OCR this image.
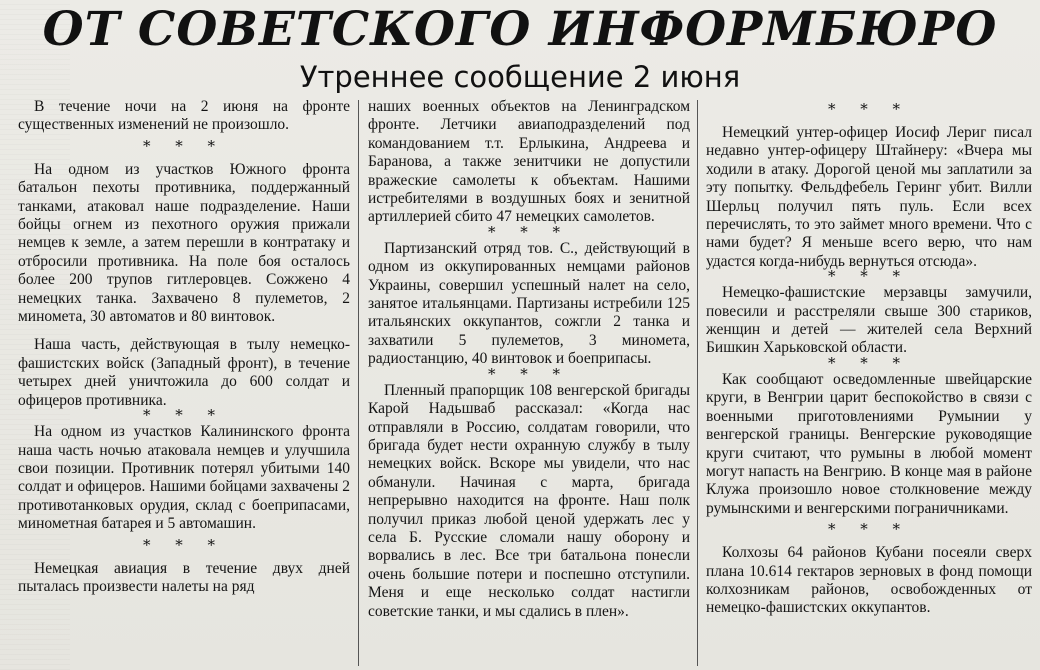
ОТ СОВЕТСКОГО ИНФОРМБЮРО
Утреннее сообщение 2 июня

В течение ночи на 2 июня на фронте существенных изменений не произошло.

* * *

На одном из участков Южного фронта батальон пехоты противника, поддержанный танками, атаковал наше подразделение. Наши бойцы огнем из пехотного оружия прижали немцев к земле, а затем перешли в контратаку и отбросили противника. На поле боя осталось более 200 трупов гитлеровцев. Сожжено 4 немецких танка. Захвачено 8 пулеметов, 2 миномета, 30 автоматов и 80 винтовок.

Наша часть, действующая в тылу немецко-фашистских войск (Западный фронт), в течение четырех дней уничтожила до 600 солдат и офицеров противника.

* * *

На одном из участков Калининского фронта наша часть ночью атаковала немцев и улучшила свои позиции. Противник потерял убитыми 140 солдат и офицеров. Нашими бойцами захвачены 2 противотанковых орудия, склад с боеприпасами, минометная батарея и 5 автомашин.

* * *

Немецкая авиация в течение двух дней пыталась произвести налеты на ряд

наших военных объектов на Ленинградском фронте. Летчики авиаподразделений под командованием т.т. Ерлыкина, Андреева и Баранова, а также зенитчики не допустили вражеские самолеты к объектам. Нашими истребителями в воздушных боях и зенитной артиллерией сбито 47 немецких самолетов.

* * *

Партизанский отряд тов. С., действующий в одном из оккупированных немцами районов Украины, совершил успешный налет на село, занятое итальянцами. Партизаны истребили 125 итальянских оккупантов, сожгли 2 танка и захватили 5 пулеметов, 3 миномета, радиостанцию, 40 винтовок и боеприпасы.

* * *

Пленный прапорщик 108 венгерской бригады Карой Надьшваб рассказал: «Когда нас отправляли в Россию, солдатам говорили, что бригада будет нести охранную службу в тылу немецких войск. Вскоре мы увидели, что нас обманули. Начиная с марта, бригада непрерывно находится на фронте. Наш полк получил приказ любой ценой удержать лес у села Б. Русские сломали нашу оборону и ворвались в лес. Все три батальона понесли очень большие потери и поспешно отступили. Меня и еще несколько солдат настигли советские танки, и мы сдались в плен».

* * *

Немецкий унтер-офицер Иосиф Лериг писал недавно унтер-офицеру Штайнеру: «Вчера мы ходили в атаку. Дорогой ценой мы заплатили за эту попытку. Фельдфебель Геринг убит. Вилли Шерльц получил пять пуль. Если всех перечислять, то это займет много времени. Что с нами будет? Я меньше всего верю, что нам удастся когда-нибудь вернуться отсюда».

* * *

Немецко-фашистские мерзавцы замучили, повесили и расстреляли свыше 300 стариков, женщин и детей — жителей села Верхний Бишкин Харьковской области.

* * *

Как сообщают осведомленные швейцарские круги, в Венгрии царит беспокойство в связи с военными приготовлениями Румынии у венгерской границы. Венгерские руководящие круги считают, что румыны в любой момент могут напасть на Венгрию. В конце мая в районе Клужа произошло новое столкновение между румынскими и венгерскими пограничниками.

* * *

Колхозы 64 районов Кубани посеяли сверх плана 10.614 гектаров зерновых в фонд помощи колхозникам районов, освобожденных от немецко-фашистских оккупантов.
